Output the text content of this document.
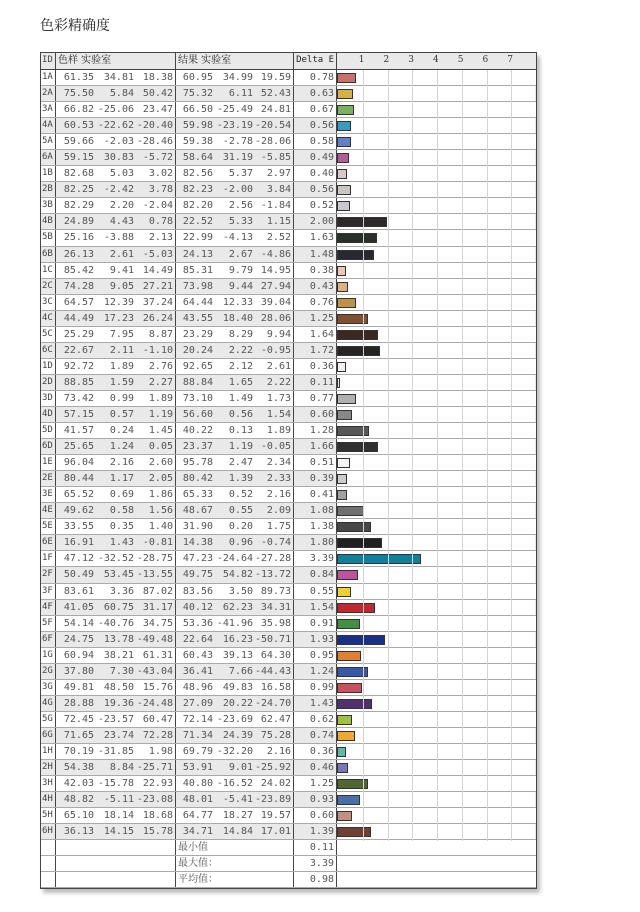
色彩精确度
ID 色样 实验室	结果 实验室	Delta E	1 2 3 4 5 6 7
1A	61.35 34.81 18.38 60.95 34.99 19.59	0.78
2A	75.50	5.84 50.42 75.32	6.11 52.43	0.63
3A	66.82 -25.06 23.47 66.50 -25.49 24.81	0.67
4A	60.53 -22.62 -20.40 59.98 -23.19 -20.54	0.56
5A	59.66 -2.03 -28.46 59.38 -2.78 -28.06	0.58
6A	59.15 30.83 -5.72 58.64 31.19 -5.85	0.49
1B	82.68	5.03	3.02 82.56	5.37	2.97	0.40
2B	82.25 -2.42	3.78 82.23 -2.00	3.84	0.56
3B	82.29	2.20 -2.04 82.20	2.56 -1.84	0.52
4B	24.89	4.43	0.78 22.52	5.33	1.15	2.00
5B	25.16 -3.88	2.13 22.99 -4.13	2.52	1.63
6B	26.13	2.61 -5.03 24.13	2.67 -4.86	1.48
1C	85.42	9.41 14.49 85.31	9.79 14.95	0.38
2C	74.28	9.05 27.21 73.98	9.44 27.94	0.43
3C	64.57 12.39 37.24 64.44 12.33 39.04	0.76
4C	44.49 17.23 26.24 43.55 18.40 28.06	1.25
5C	25.29	7.95	8.87 23.29	8.29	9.94	1.64
6C	22.67	2.11 -1.10 20.24	2.22 -0.95	1.72
1D	92.72	1.89	2.76 92.65	2.12	2.61	0.36
2D	88.85	1.59	2.27 88.84	1.65	2.22	0.11
3D	73.42	0.99	1.89 73.10	1.49	1.73	0.77
4D	57.15	0.57	1.19 56.60	0.56	1.54	0.60
5D	41.57	0.24	1.45 40.22	0.13	1.89	1.28
6D	25.65	1.24	0.05 23.37	1.19 -0.05	1.66
1E	96.04	2.16	2.60 95.78	2.47	2.34	0.51
2E	80.44	1.17	2.05 80.42	1.39	2.33	0.39
3E	65.52	0.69	1.86 65.33	0.52	2.16	0.41
4E	49.62	0.58	1.56 48.67	0.55	2.09	1.08
5E	33.55	0.35	1.40 31.90	0.20	1.75	1.38
6E	16.91	1.43 -0.81 14.38	0.96 -0.74	1.80
1F	47.12 -32.52 -28.75 47.23 -24.64 -27.28	3.39
2F	50.49 53.45 -13.55 49.75 54.82 -13.72	0.84
3F	83.61	3.36 87.02 83.56	3.50 89.73	0.55
4F	41.05 60.75 31.17 40.12 62.23 34.31	1.54
5F	54.14 -40.76 34.75 53.36 -41.96 35.98	0.91
6F	24.75 13.78 -49.48 22.64 16.23 -50.71	1.93
1G	60.94 38.21 61.31 60.43 39.13 64.30	0.95
2G	37.80	7.30 -43.04 36.41	7.66 -44.43	1.24
3G	49.81 48.50 15.76 48.96 49.83 16.58	0.99
4G	28.88 19.36 -24.48 27.09 20.22 -24.70	1.43
5G	72.45 -23.57 60.47 72.14 -23.69 62.47	0.62
6G	71.65 23.74 72.28 71.34 24.39 75.28	0.74
1H	70.19 -31.85	1.98 69.79 -32.20	2.16	0.36
2H	54.38	8.84 -25.71 53.91	9.01 -25.92	0.46
3H	42.03 -15.78 22.93 40.80 -16.52 24.02	1.25
4H	48.82 -5.11 -23.08 48.01 -5.41 -23.89	0.93
5H	65.10 18.14 18.68 64.77 18.27 19.57	0.60
6H	36.13 14.15 15.78 34.71 14.84 17.01	1.39
最小值	0.11
最大值：	3.39
平均值：	0.98
